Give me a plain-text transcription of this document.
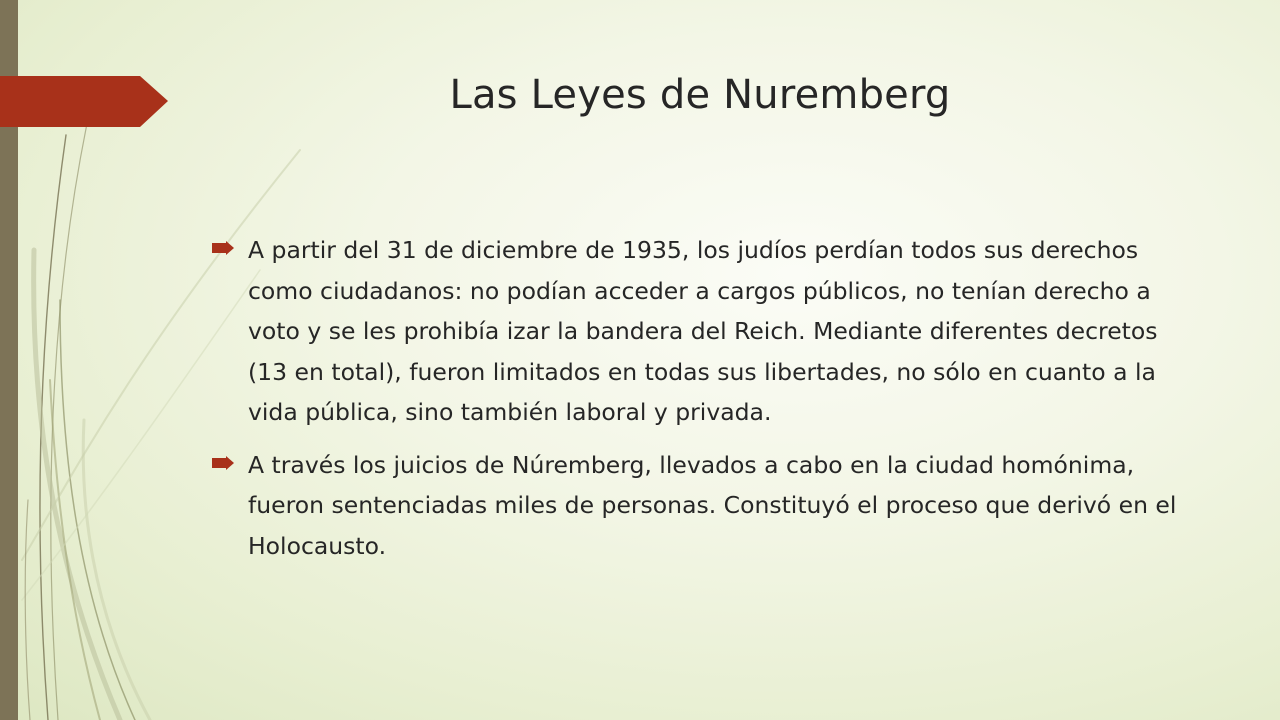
Las Leyes de Nuremberg
A partir del 31 de diciembre de 1935, los judíos perdían todos sus derechos como ciudadanos: no podían acceder a cargos públicos, no tenían derecho a voto y se les prohibía izar la bandera del Reich. Mediante diferentes decretos (13 en total), fueron limitados en todas sus libertades, no sólo en cuanto a la vida pública, sino también laboral y privada.
A través los juicios de Núremberg, llevados a cabo en la ciudad homónima, fueron sentenciadas miles de personas. Constituyó el proceso que derivó en el Holocausto.
